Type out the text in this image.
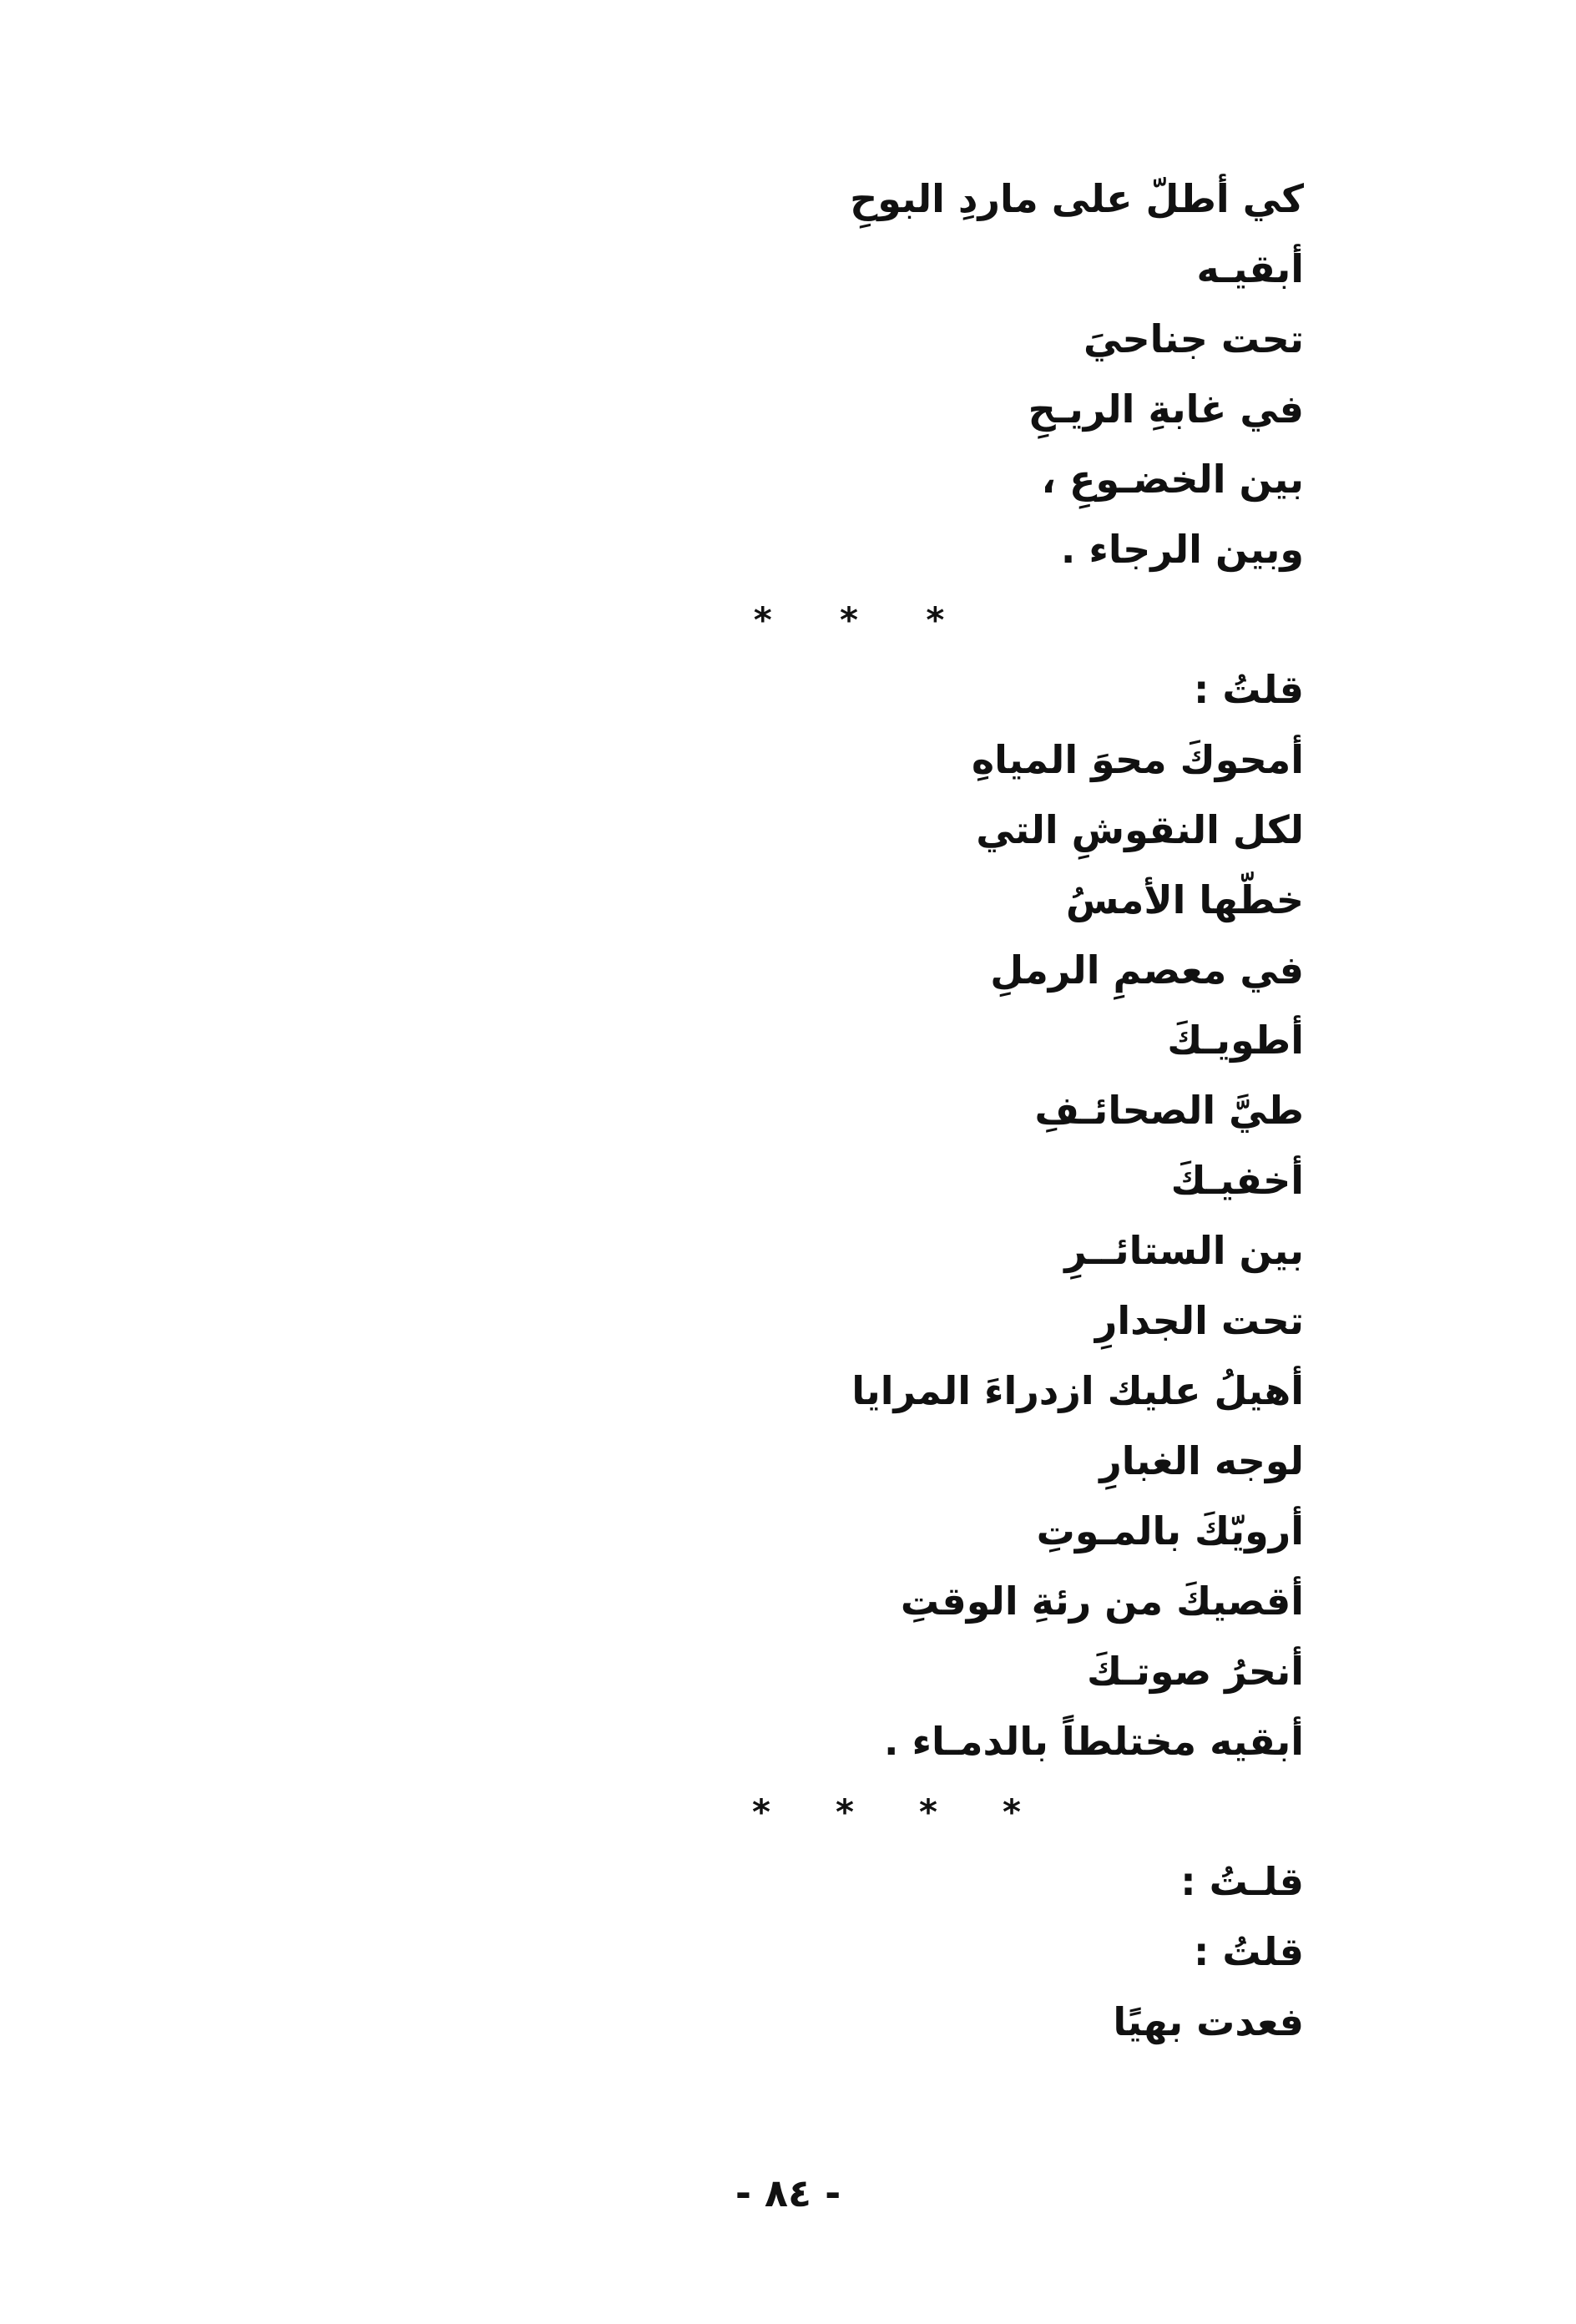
كي أطلّ على ماردِ البوحِ
أبقيـه
تحت جناحيَ
في غابةِ الريـحِ
بين الخضـوعِ ،
وبين الرجاء .
*
*
*
قلتُ :
أمحوكَ محوَ المياهِ
لكل النقوشِ التي
خطّها الأمسُ
في معصمِ الرملِ
أطويـكَ
طيَّ الصحائـفِ
أخفيـكَ
بين الستائــرِ
تحت الجدارِ
أهيلُ عليك ازدراءَ المرايا
لوجه الغبارِ
أرويّكَ بالمـوتِ
أقصيكَ من رئةِ الوقتِ
أنحرُ صوتـكَ
أبقيه مختلطاً بالدمـاء .
*
*
*
*
قلـتُ :
قلتُ :
فعدت بهيًا
- ٨٤ -
